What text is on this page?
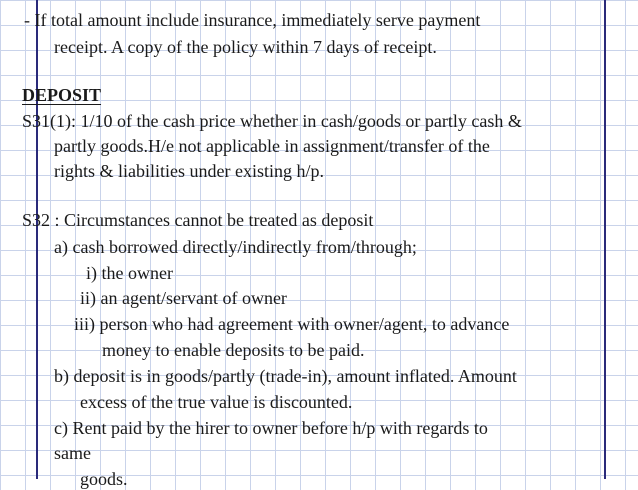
- If total amount include insurance, immediately serve payment
receipt. A copy of the policy within 7 days of receipt.
DEPOSIT
S31(1): 1/10 of the cash price whether in cash/goods or partly cash &
partly goods.H/e not applicable in assignment/transfer of the
rights & liabilities under existing h/p.
S32 : Circumstances cannot be treated as deposit
a) cash borrowed directly/indirectly from/through;
i) the owner
ii) an agent/servant of owner
iii) person who had agreement with owner/agent, to advance
money to enable deposits to be paid.
b) deposit is in goods/partly (trade-in), amount inflated. Amount
excess of the true value is discounted.
c) Rent paid by the hirer to owner before h/p with regards to
same
goods.
